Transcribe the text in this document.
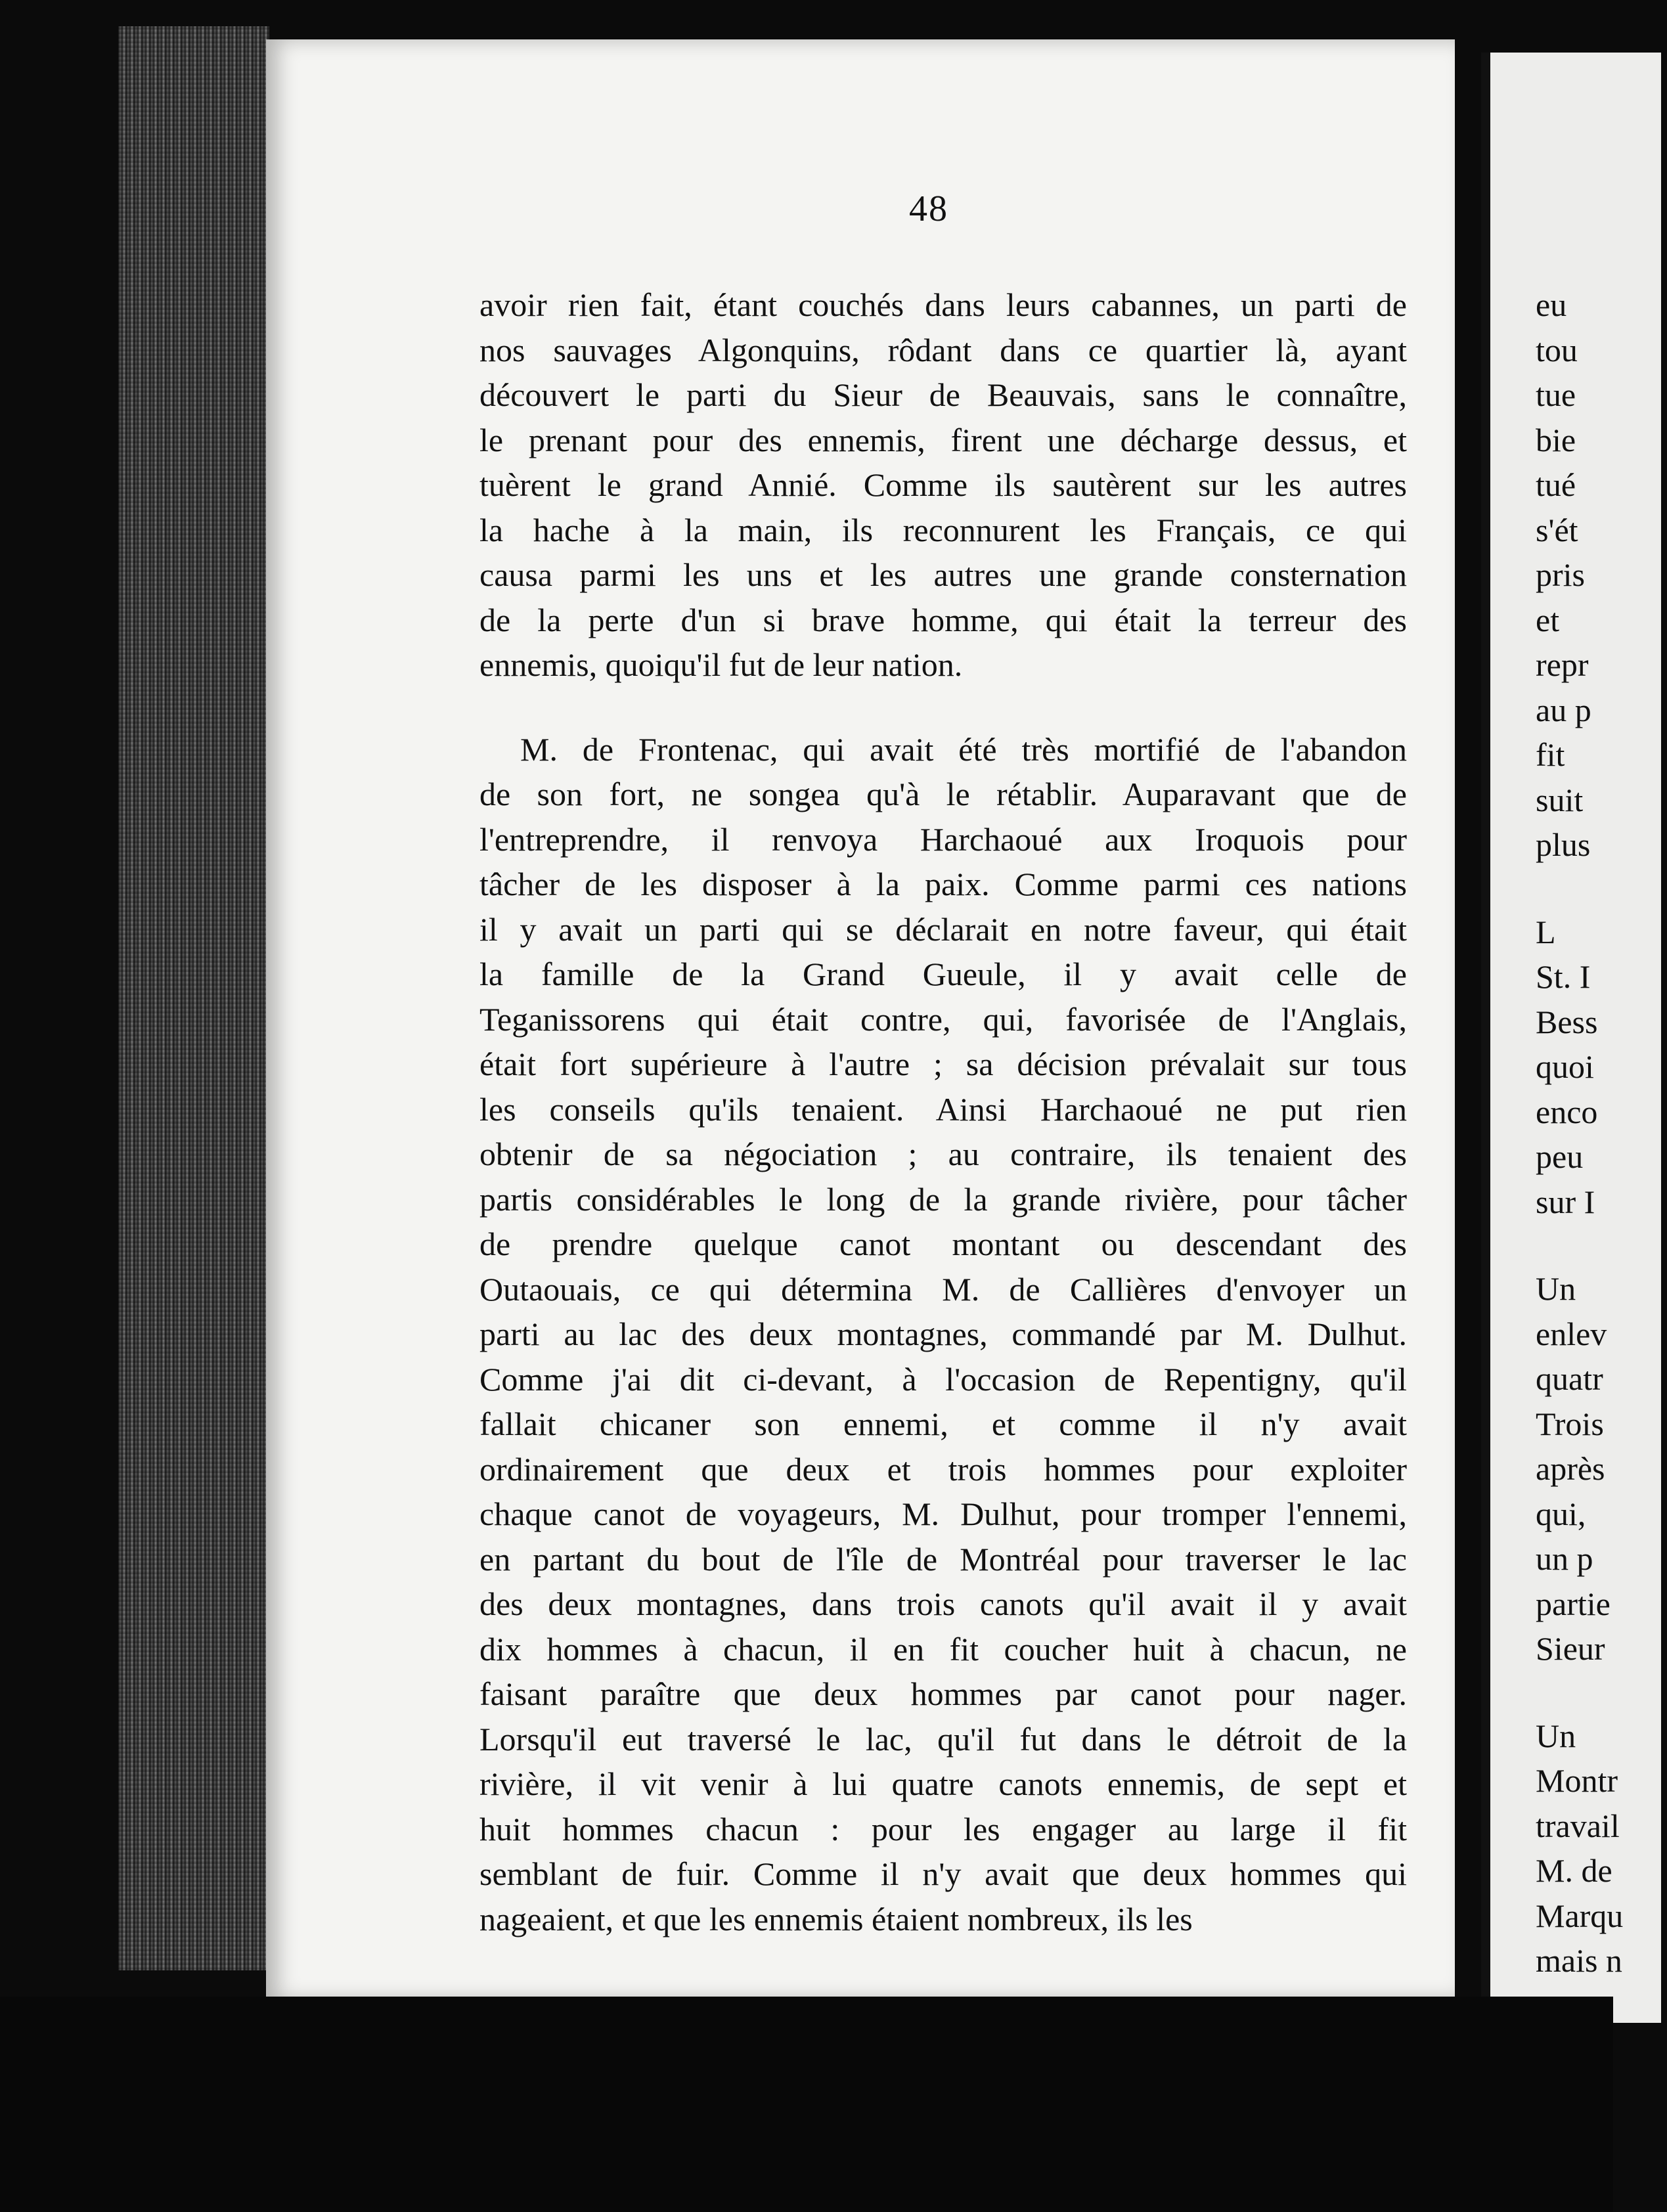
48
avoir rien fait, étant couchés dans leurs cabannes, un parti de
nos sauvages Algonquins, rôdant dans ce quartier là, ayant
découvert le parti du Sieur de Beauvais, sans le connaître,
le prenant pour des ennemis, firent une décharge dessus, et
tuèrent le grand Annié. Comme ils sautèrent sur les autres
la hache à la main, ils reconnurent les Français, ce qui
causa parmi les uns et les autres une grande consternation
de la perte d'un si brave homme, qui était la terreur des
ennemis, quoiqu'il fut de leur nation.
M. de Frontenac, qui avait été très mortifié de l'abandon
de son fort, ne songea qu'à le rétablir. Auparavant que de
l'entreprendre, il renvoya Harchaoué aux Iroquois pour
tâcher de les disposer à la paix. Comme parmi ces nations
il y avait un parti qui se déclarait en notre faveur, qui était
la famille de la Grand Gueule, il y avait celle de
Teganissorens qui était contre, qui, favorisée de l'Anglais,
était fort supérieure à l'autre ; sa décision prévalait sur tous
les conseils qu'ils tenaient. Ainsi Harchaoué ne put rien
obtenir de sa négociation ; au contraire, ils tenaient des
partis considérables le long de la grande rivière, pour tâcher
de prendre quelque canot montant ou descendant des
Outaouais, ce qui détermina M. de Callières d'envoyer un
parti au lac des deux montagnes, commandé par M. Dulhut.
Comme j'ai dit ci-devant, à l'occasion de Repentigny, qu'il
fallait chicaner son ennemi, et comme il n'y avait
ordinairement que deux et trois hommes pour exploiter
chaque canot de voyageurs, M. Dulhut, pour tromper l'ennemi,
en partant du bout de l'île de Montréal pour traverser le lac
des deux montagnes, dans trois canots qu'il avait il y avait
dix hommes à chacun, il en fit coucher huit à chacun, ne
faisant paraître que deux hommes par canot pour nager.
Lorsqu'il eut traversé le lac, qu'il fut dans le détroit de la
rivière, il vit venir à lui quatre canots ennemis, de sept et
huit hommes chacun : pour les engager au large il fit
semblant de fuir. Comme il n'y avait que deux hommes qui
nageaient, et que les ennemis étaient nombreux, ils les
eu
tou
tue
bie
tué
s'ét
pris
et
repr
au p
fit
suit
plus
L
St. I
Bess
quoi
enco
peu
sur I
Un
enlev
quatr
Trois
après
qui,
un p
partie
Sieur
Un
Montr
travail
M. de
Marqu
mais n
